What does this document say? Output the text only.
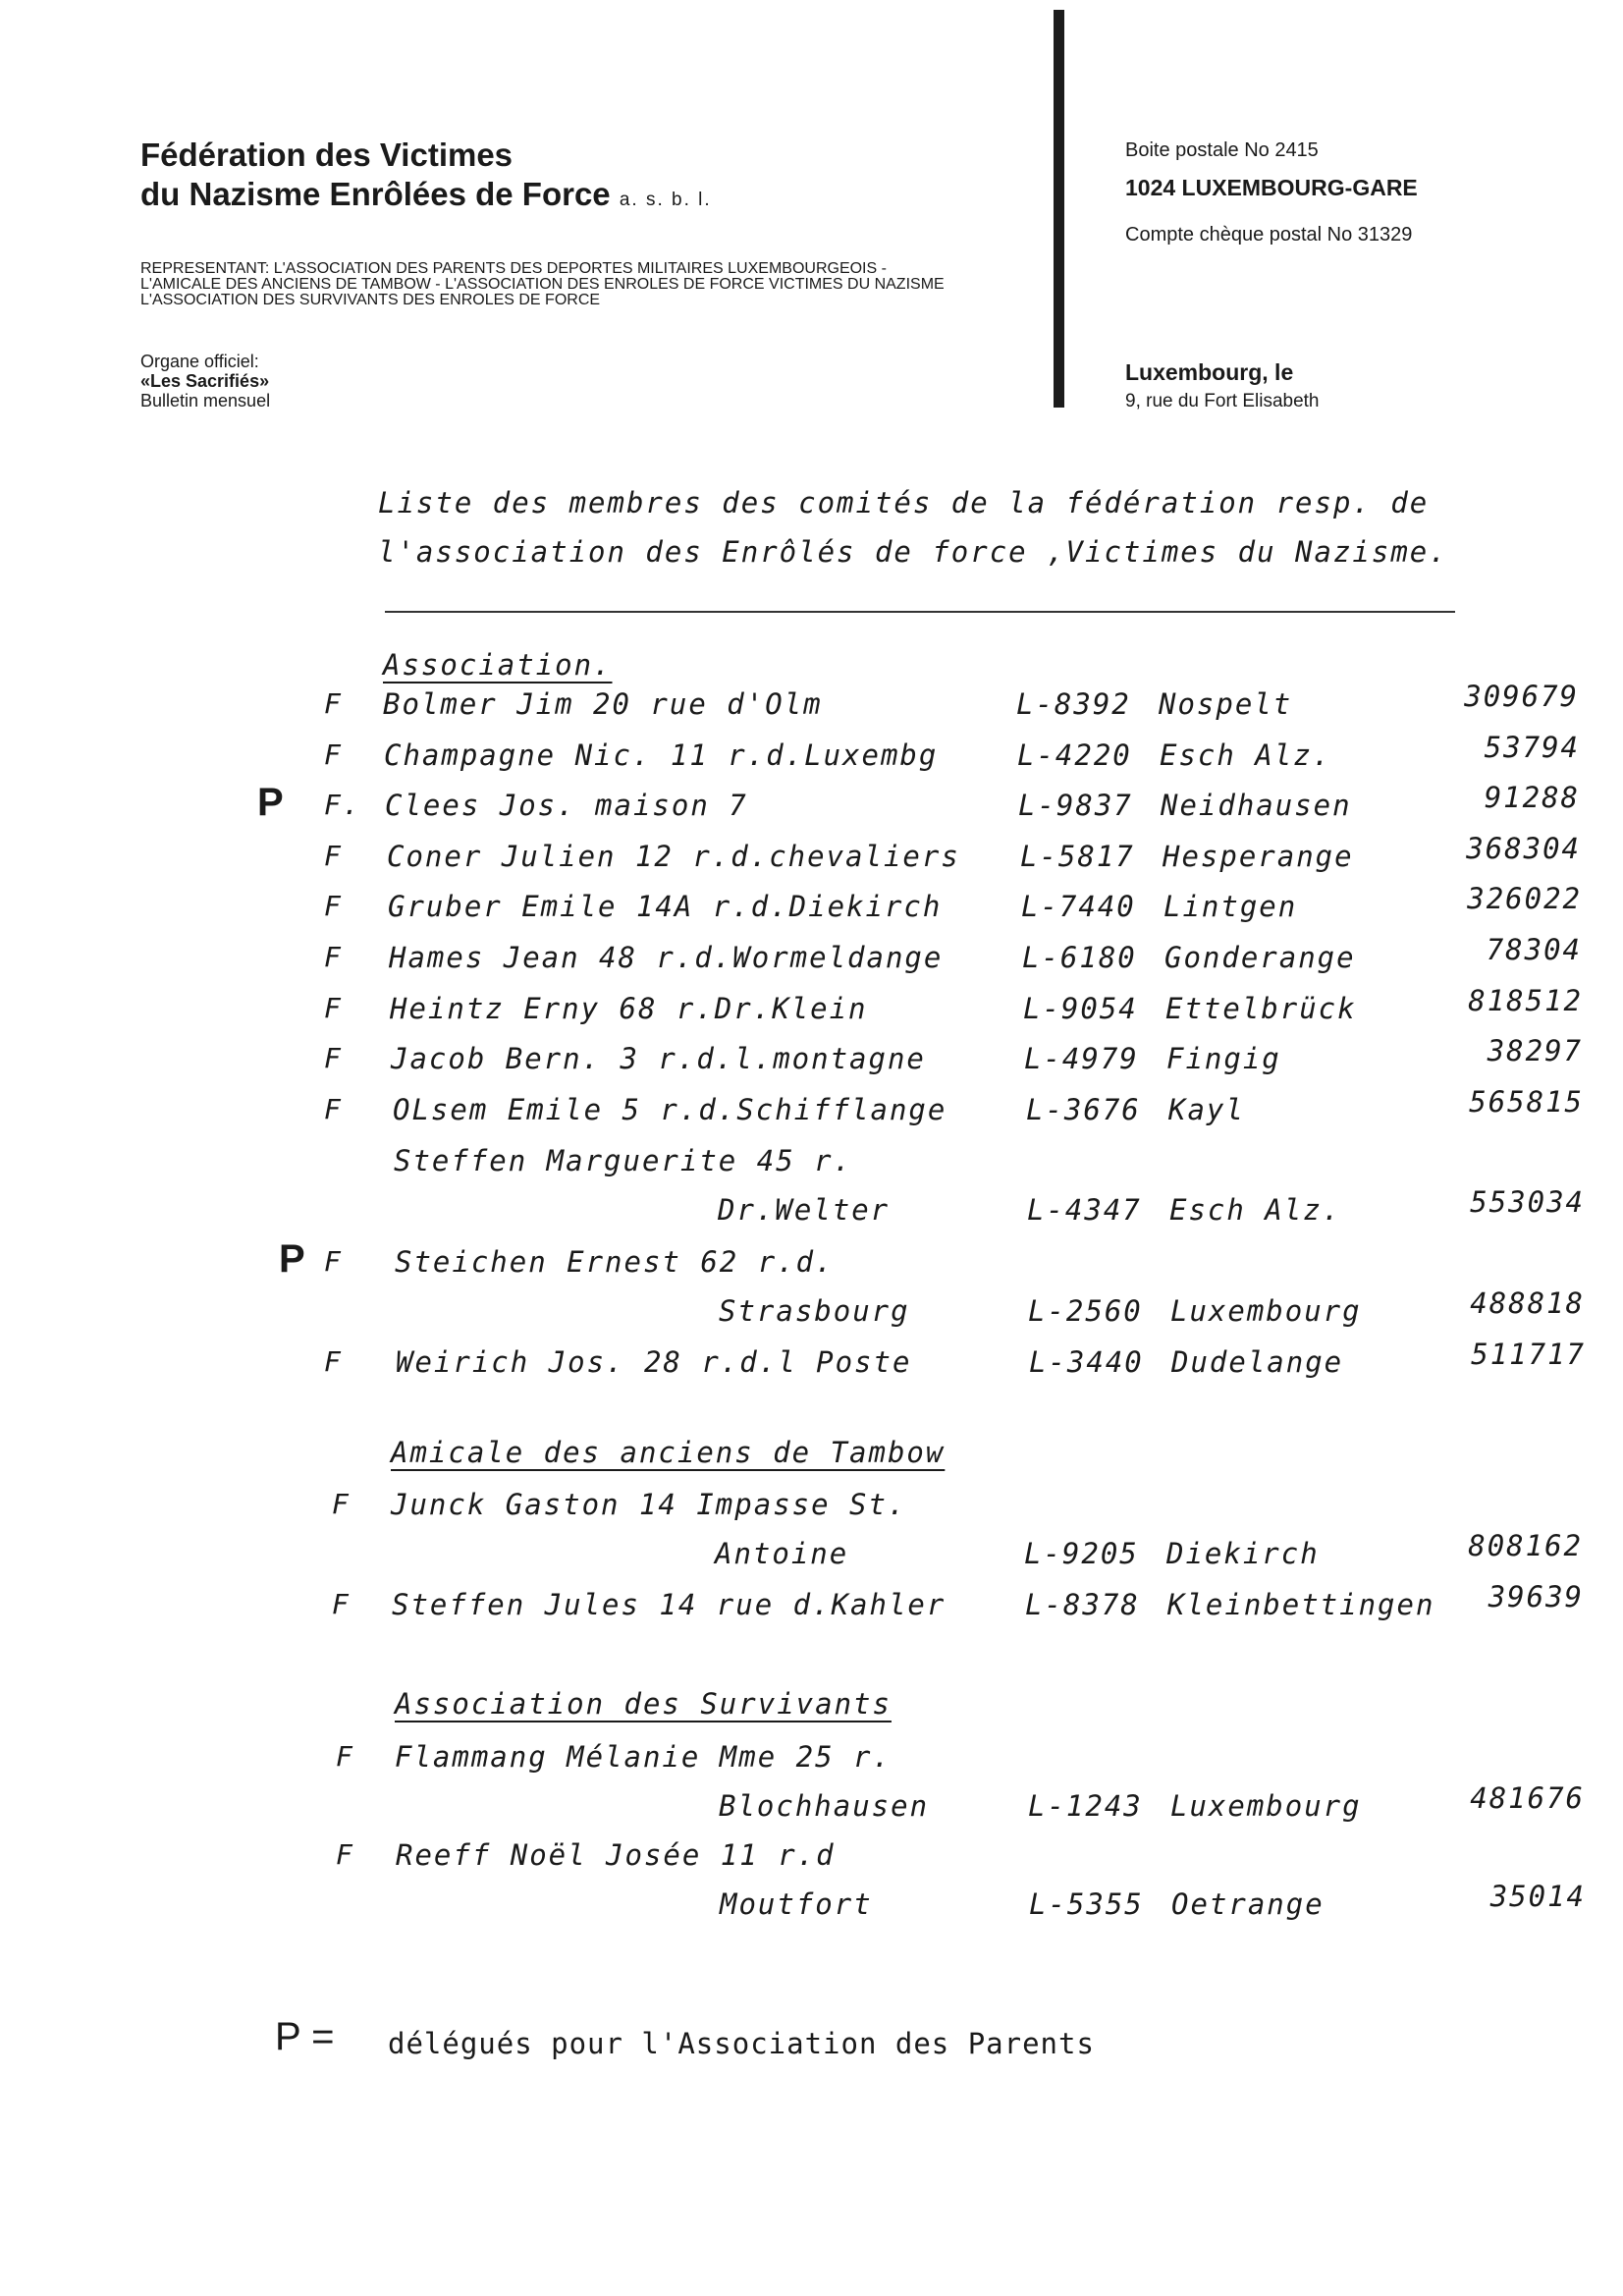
Fédération des Victimes
du Nazisme Enrôlées de Force a. s. b. l.
REPRESENTANT: L'ASSOCIATION DES PARENTS DES DEPORTES MILITAIRES LUXEMBOURGEOIS -
L'AMICALE DES ANCIENS DE TAMBOW - L'ASSOCIATION DES ENROLES DE FORCE VICTIMES DU NAZISME
L'ASSOCIATION DES SURVIVANTS DES ENROLES DE FORCE
Organe officiel:
«Les Sacrifiés»
Bulletin mensuel
Boite postale No 2415
1024 LUXEMBOURG-GARE
Compte chèque postal No 31329
Luxembourg, le
9, rue du Fort Elisabeth
Liste des membres des comités de la fédération resp. de
l'association des Enrôlés de force ,Victimes du Nazisme.
Association.
F Bolmer Jim 20 rue d'Olm	L-8392 Nospelt	309679
F Champagne Nic. 11 r.d.Luxembg	L-4220 Esch Alz.	53794
P F. Clees Jos. maison 7	L-9837 Neidhausen	91288
F Coner Julien 12 r.d.chevaliers L-5817 Hesperange	368304
F Gruber Emile 14A r.d.Diekirch	L-7440 Lintgen	326022
F Hames Jean 48 r.d.Wormeldange	L-6180 Gonderange	78304
F Heintz Erny 68 r.Dr.Klein	L-9054 Ettelbrück	818512
F Jacob Bern. 3 r.d.l.montagne	L-4979 Fingig	38297
F OLsem Emile 5 r.d.Schifflange	L-3676 Kayl	565815
Steffen Marguerite 45 r.
Dr.Welter	L-4347 Esch Alz.	553034
P F Steichen Ernest 62 r.d.
Strasbourg	L-2560 Luxembourg	488818
F Weirich Jos. 28 r.d.l Poste	L-3440 Dudelange	511717
Amicale des anciens de Tambow
F Junck Gaston 14 Impasse St.
Antoine	L-9205 Diekirch	808162
F Steffen Jules 14 rue d.Kahler	L-8378 Kleinbettingen 39639
Association des Survivants
F Flammang Mélanie Mme 25 r.
Blochhausen	L-1243 Luxembourg	481676
F Reeff Noël Josée 11 r.d
Moutfort	L-5355 Oetrange	35014
P = délégués pour l'Association des Parents
